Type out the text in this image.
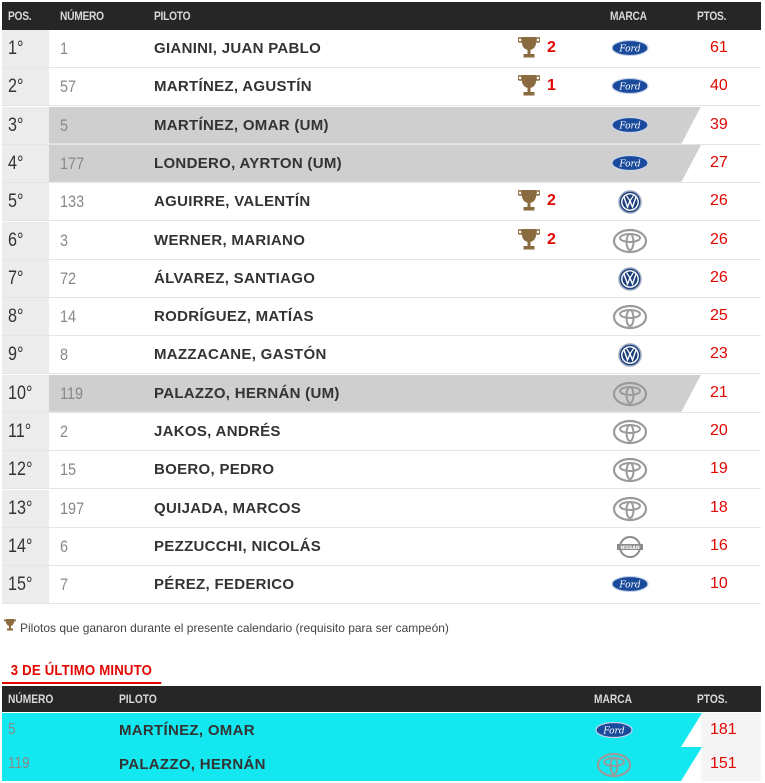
POS. NÚMERO	PILOTO	MARCA	PTOS.
1° 1	GIANINI, JUAN PABLO	2	Ford	61
2° 57	MARTÍNEZ, AGUSTÍN	1	Ford	40
3° 5	MARTÍNEZ, OMAR (UM)	Ford	39
4° 177	LONDERO, AYRTON (UM)	Ford	27
5° 133	AGUIRRE, VALENTÍN	2	26
6° 3	WERNER, MARIANO	2	26
7° 72	ÁLVAREZ, SANTIAGO	26
8° 14	RODRÍGUEZ, MATÍAS	25
9° 8	MAZZACANE, GASTÓN	23
10° 119	PALAZZO, HERNÁN (UM)	21
11° 2	JAKOS, ANDRÉS	20
12° 15	BOERO, PEDRO	19
13° 197	QUIJADA, MARCOS	18
14° 6	PEZZUCCHI, NICOLÁS	NISSAN	16
15° 7	PÉREZ, FEDERICO	Ford	10
Pilotos que ganaron durante el presente calendario (requisito para ser campeón)
3 DE ÚLTIMO MINUTO
NÚMERO	PILOTO	MARCA	PTOS.
5	MARTÍNEZ, OMAR	Ford	181
119	PALAZZO, HERNÁN	151
